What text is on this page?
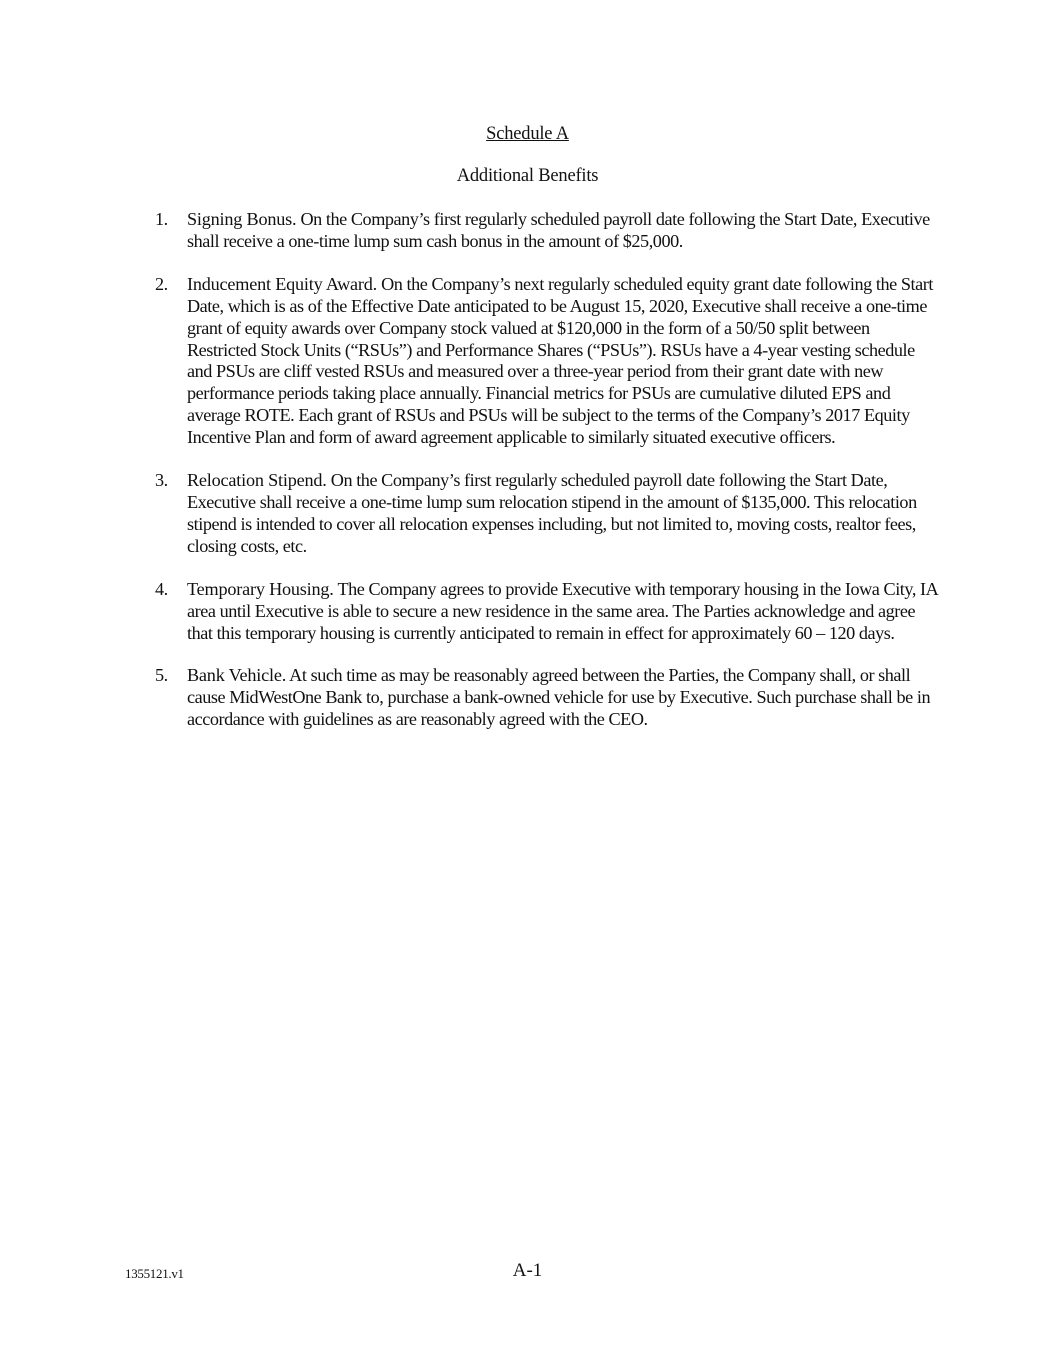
Schedule A
Additional Benefits
1. Signing Bonus. On the Company’s first regularly scheduled payroll date following the Start Date, Executive shall receive a one-time lump sum cash bonus in the amount of $25,000.
2. Inducement Equity Award. On the Company’s next regularly scheduled equity grant date following the Start Date, which is as of the Effective Date anticipated to be August 15, 2020, Executive shall receive a one-time grant of equity awards over Company stock valued at $120,000 in the form of a 50/50 split between Restricted Stock Units (“RSUs”) and Performance Shares (“PSUs”). RSUs have a 4-year vesting schedule and PSUs are cliff vested RSUs and measured over a three-year period from their grant date with new performance periods taking place annually. Financial metrics for PSUs are cumulative diluted EPS and average ROTE. Each grant of RSUs and PSUs will be subject to the terms of the Company’s 2017 Equity Incentive Plan and form of award agreement applicable to similarly situated executive officers.
3. Relocation Stipend. On the Company’s first regularly scheduled payroll date following the Start Date, Executive shall receive a one-time lump sum relocation stipend in the amount of $135,000. This relocation stipend is intended to cover all relocation expenses including, but not limited to, moving costs, realtor fees, closing costs, etc.
4. Temporary Housing. The Company agrees to provide Executive with temporary housing in the Iowa City, IA area until Executive is able to secure a new residence in the same area. The Parties acknowledge and agree that this temporary housing is currently anticipated to remain in effect for approximately 60 – 120 days.
5. Bank Vehicle. At such time as may be reasonably agreed between the Parties, the Company shall, or shall cause MidWestOne Bank to, purchase a bank-owned vehicle for use by Executive. Such purchase shall be in accordance with guidelines as are reasonably agreed with the CEO.
1355121.v1	A-1
